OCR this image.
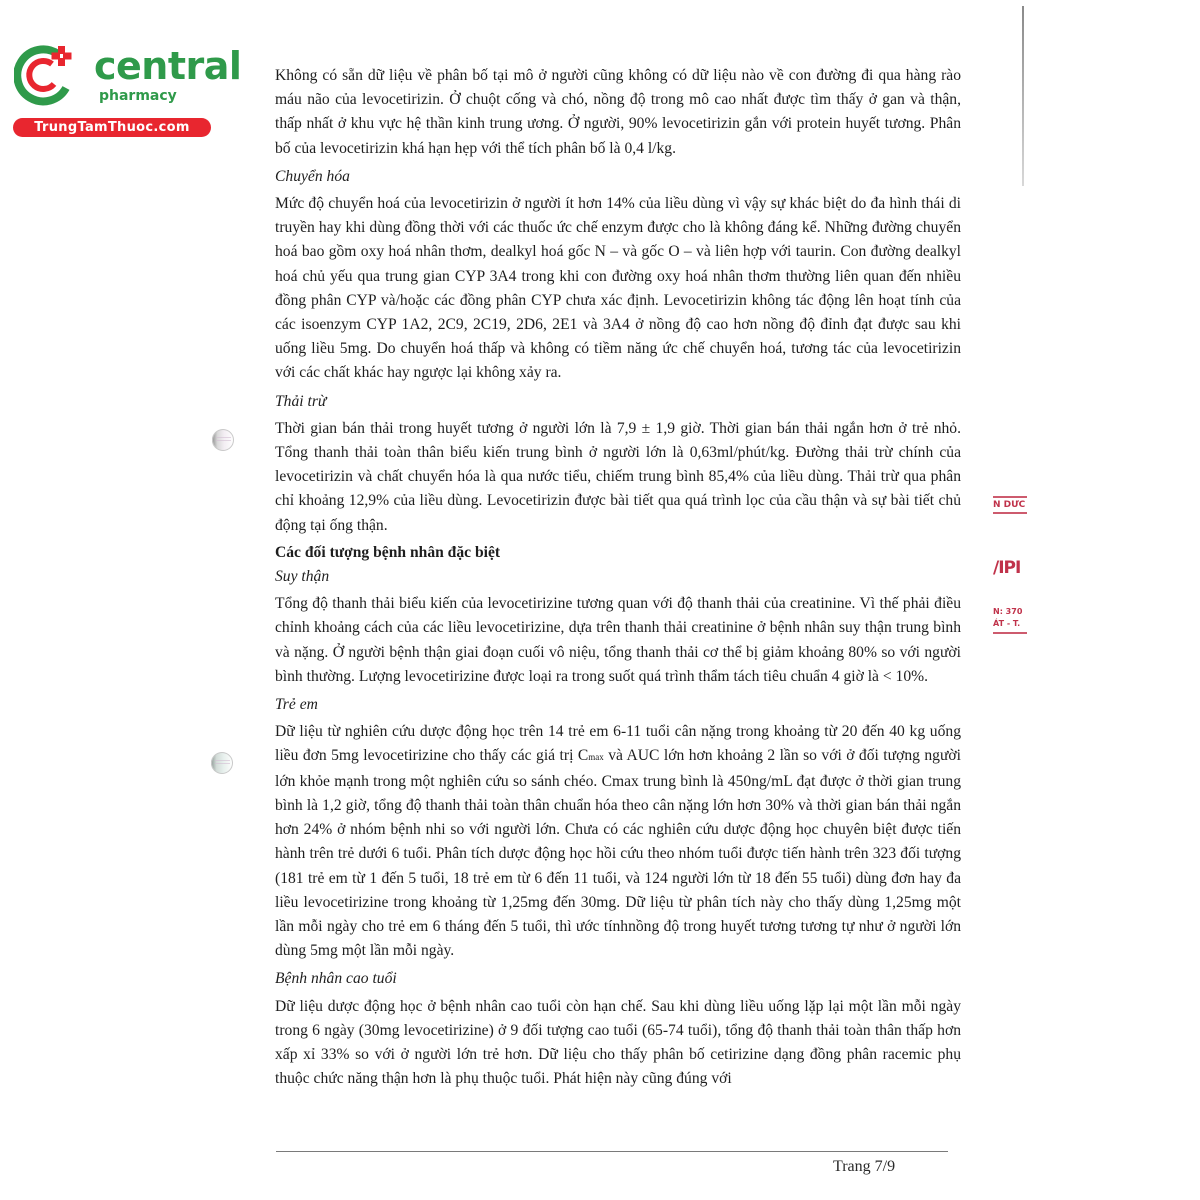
central
pharmacy
TrungTamThuoc.com
N DƯC
/IPI
N: 370
ÁT - T.

Không có sẵn dữ liệu về phân bố tại mô ở người cũng không có dữ liệu nào về con đường đi qua hàng rào máu não của levocetirizin. Ở chuột cống và chó, nồng độ trong mô cao nhất được tìm thấy ở gan và thận, thấp nhất ở khu vực hệ thần kinh trung ương. Ở người, 90% levocetirizin gắn với protein huyết tương. Phân bố của levocetirizin khá hạn hẹp với thể tích phân bố là 0,4 l/kg.

Chuyển hóa

Mức độ chuyển hoá của levocetirizin ở người ít hơn 14% của liều dùng vì vậy sự khác biệt do đa hình thái di truyền hay khi dùng đồng thời với các thuốc ức chế enzym được cho là không đáng kể. Những đường chuyển hoá bao gồm oxy hoá nhân thơm, dealkyl hoá gốc N – và gốc O – và liên hợp với taurin. Con đường dealkyl hoá chủ yếu qua trung gian CYP 3A4 trong khi con đường oxy hoá nhân thơm thường liên quan đến nhiều đồng phân CYP và/hoặc các đồng phân CYP chưa xác định. Levocetirizin không tác động lên hoạt tính của các isoenzym CYP 1A2, 2C9, 2C19, 2D6, 2E1 và 3A4 ở nồng độ cao hơn nồng độ đỉnh đạt được sau khi uống liều 5mg. Do chuyển hoá thấp và không có tiềm năng ức chế chuyển hoá, tương tác của levocetirizin với các chất khác hay ngược lại không xảy ra.

Thải trừ

Thời gian bán thải trong huyết tương ở người lớn là 7,9 ± 1,9 giờ. Thời gian bán thải ngắn hơn ở trẻ nhỏ. Tổng thanh thải toàn thân biểu kiến trung bình ở người lớn là 0,63ml/phút/kg. Đường thải trừ chính của levocetirizin và chất chuyển hóa là qua nước tiểu, chiếm trung bình 85,4% của liều dùng. Thải trừ qua phân chỉ khoảng 12,9% của liều dùng. Levocetirizin được bài tiết qua quá trình lọc của cầu thận và sự bài tiết chủ động tại ống thận.

Các đối tượng bệnh nhân đặc biệt

Suy thận

Tổng độ thanh thải biểu kiến của levocetirizine tương quan với độ thanh thải của creatinine. Vì thế phải điều chỉnh khoảng cách của các liều levocetirizine, dựa trên thanh thải creatinine ở bệnh nhân suy thận trung bình và nặng. Ở người bệnh thận giai đoạn cuối vô niệu, tổng thanh thải cơ thể bị giảm khoảng 80% so với người bình thường. Lượng levocetirizine được loại ra trong suốt quá trình thẩm tách tiêu chuẩn 4 giờ là < 10%.

Trẻ em

Dữ liệu từ nghiên cứu dược động học trên 14 trẻ em 6-11 tuổi cân nặng trong khoảng từ 20 đến 40 kg uống liều đơn 5mg levocetirizine cho thấy các giá trị Cmax và AUC lớn hơn khoảng 2 lần so với ở đối tượng người lớn khỏe mạnh trong một nghiên cứu so sánh chéo. Cmax trung bình là 450ng/mL đạt được ở thời gian trung bình là 1,2 giờ, tổng độ thanh thải toàn thân chuẩn hóa theo cân nặng lớn hơn 30% và thời gian bán thải ngắn hơn 24% ở nhóm bệnh nhi so với người lớn. Chưa có các nghiên cứu dược động học chuyên biệt được tiến hành trên trẻ dưới 6 tuổi. Phân tích dược động học hồi cứu theo nhóm tuổi được tiến hành trên 323 đối tượng (181 trẻ em từ 1 đến 5 tuổi, 18 trẻ em từ 6 đến 11 tuổi, và 124 người lớn từ 18 đến 55 tuổi) dùng đơn hay đa liều levocetirizine trong khoảng từ 1,25mg đến 30mg. Dữ liệu từ phân tích này cho thấy dùng 1,25mg một lần mỗi ngày cho trẻ em 6 tháng đến 5 tuổi, thì ước tínhnồng độ trong huyết tương tương tự như ở người lớn dùng 5mg một lần mỗi ngày.

Bệnh nhân cao tuổi

Dữ liệu dược động học ở bệnh nhân cao tuổi còn hạn chế. Sau khi dùng liều uống lặp lại một lần mỗi ngày trong 6 ngày (30mg levocetirizine) ở 9 đối tượng cao tuổi (65-74 tuổi), tổng độ thanh thải toàn thân thấp hơn xấp xỉ 33% so với ở người lớn trẻ hơn. Dữ liệu cho thấy phân bố cetirizine dạng đồng phân racemic phụ thuộc chức năng thận hơn là phụ thuộc tuổi. Phát hiện này cũng đúng với

Trang 7/9
